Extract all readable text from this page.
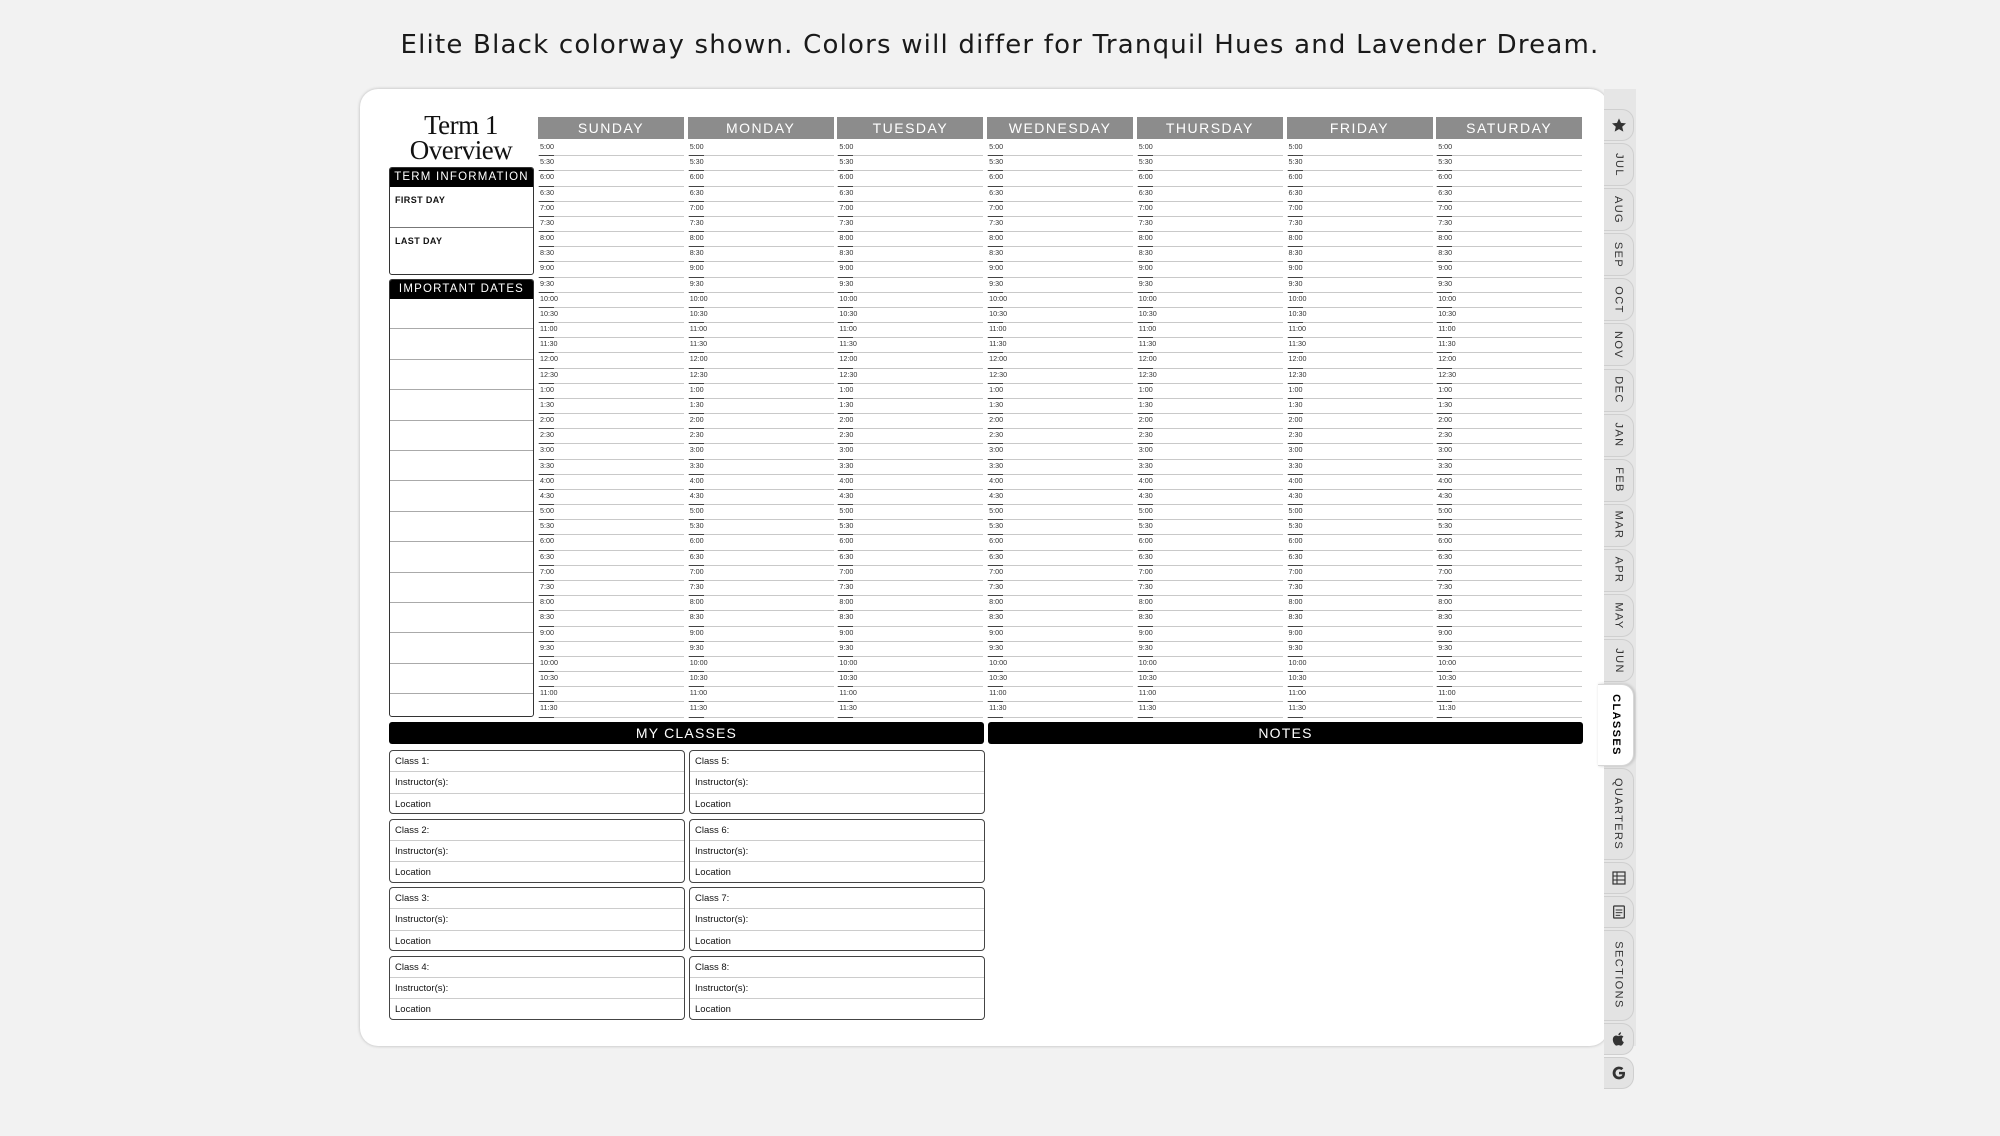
Elite Black colorway shown. Colors will differ for Tranquil Hues and Lavender Dream.
Term 1
Overview
TERM INFORMATION
FIRST DAY
LAST DAY
IMPORTANT DATES
SUNDAY
5:00
5:30
6:00
6:30
7:00
7:30
8:00
8:30
9:00
9:30
10:00
10:30
11:00
11:30
12:00
12:30
1:00
1:30
2:00
2:30
3:00
3:30
4:00
4:30
5:00
5:30
6:00
6:30
7:00
7:30
8:00
8:30
9:00
9:30
10:00
10:30
11:00
11:30
MONDAY
5:00
5:30
6:00
6:30
7:00
7:30
8:00
8:30
9:00
9:30
10:00
10:30
11:00
11:30
12:00
12:30
1:00
1:30
2:00
2:30
3:00
3:30
4:00
4:30
5:00
5:30
6:00
6:30
7:00
7:30
8:00
8:30
9:00
9:30
10:00
10:30
11:00
11:30
TUESDAY
5:00
5:30
6:00
6:30
7:00
7:30
8:00
8:30
9:00
9:30
10:00
10:30
11:00
11:30
12:00
12:30
1:00
1:30
2:00
2:30
3:00
3:30
4:00
4:30
5:00
5:30
6:00
6:30
7:00
7:30
8:00
8:30
9:00
9:30
10:00
10:30
11:00
11:30
WEDNESDAY
5:00
5:30
6:00
6:30
7:00
7:30
8:00
8:30
9:00
9:30
10:00
10:30
11:00
11:30
12:00
12:30
1:00
1:30
2:00
2:30
3:00
3:30
4:00
4:30
5:00
5:30
6:00
6:30
7:00
7:30
8:00
8:30
9:00
9:30
10:00
10:30
11:00
11:30
THURSDAY
5:00
5:30
6:00
6:30
7:00
7:30
8:00
8:30
9:00
9:30
10:00
10:30
11:00
11:30
12:00
12:30
1:00
1:30
2:00
2:30
3:00
3:30
4:00
4:30
5:00
5:30
6:00
6:30
7:00
7:30
8:00
8:30
9:00
9:30
10:00
10:30
11:00
11:30
FRIDAY
5:00
5:30
6:00
6:30
7:00
7:30
8:00
8:30
9:00
9:30
10:00
10:30
11:00
11:30
12:00
12:30
1:00
1:30
2:00
2:30
3:00
3:30
4:00
4:30
5:00
5:30
6:00
6:30
7:00
7:30
8:00
8:30
9:00
9:30
10:00
10:30
11:00
11:30
SATURDAY
5:00
5:30
6:00
6:30
7:00
7:30
8:00
8:30
9:00
9:30
10:00
10:30
11:00
11:30
12:00
12:30
1:00
1:30
2:00
2:30
3:00
3:30
4:00
4:30
5:00
5:30
6:00
6:30
7:00
7:30
8:00
8:30
9:00
9:30
10:00
10:30
11:00
11:30
MY CLASSES	NOTES
Class 1:
Instructor(s):
Location
Class 2:
Instructor(s):
Location
Class 3:
Instructor(s):
Location
Class 4:
Instructor(s):
Location
Class 5:
Instructor(s):
Location
Class 6:
Instructor(s):
Location
Class 7:
Instructor(s):
Location
Class 8:
Instructor(s):
Location
JUL
AUG
SEP
OCT
NOV
DEC
JAN
FEB
MAR
APR
MAY
JUN
CLASSES
QUARTERS
SECTIONS
